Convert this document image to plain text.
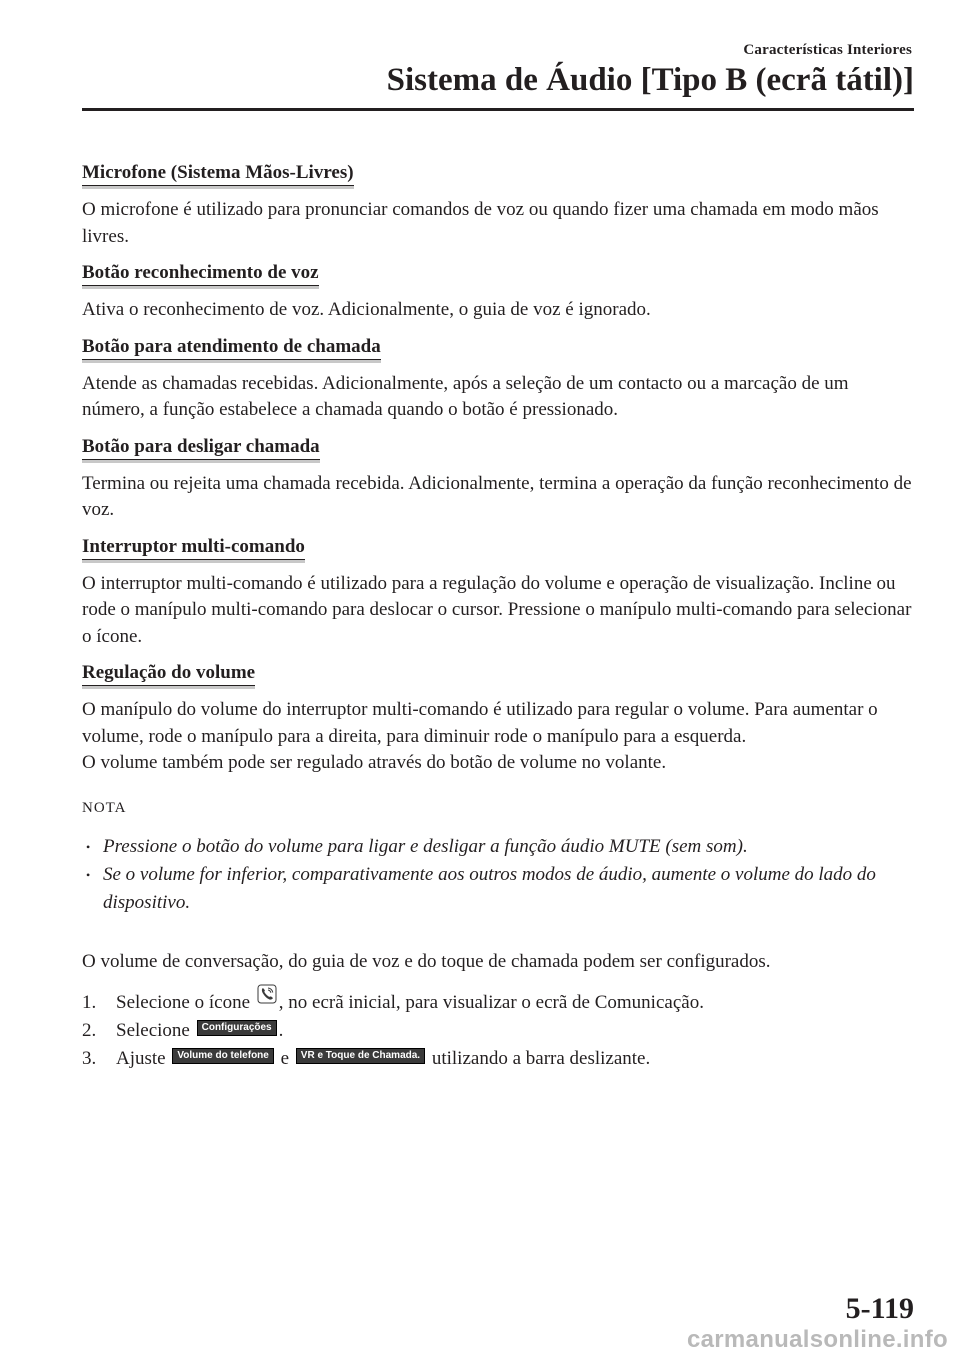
Características Interiores
Sistema de Áudio [Tipo B (ecrã tátil)]
Microfone (Sistema Mãos-Livres)

O microfone é utilizado para pronunciar comandos de voz ou quando fizer uma chamada em modo mãos livres.

Botão reconhecimento de voz

Ativa o reconhecimento de voz. Adicionalmente, o guia de voz é ignorado.

Botão para atendimento de chamada

Atende as chamadas recebidas. Adicionalmente, após a seleção de um contacto ou a marcação de um número, a função estabelece a chamada quando o botão é pressionado.

Botão para desligar chamada

Termina ou rejeita uma chamada recebida. Adicionalmente, termina a operação da função reconhecimento de voz.

Interruptor multi-comando

O interruptor multi-comando é utilizado para a regulação do volume e operação de visualização. Incline ou rode o manípulo multi-comando para deslocar o cursor. Pressione o manípulo multi-comando para selecionar o ícone.

Regulação do volume

O manípulo do volume do interruptor multi-comando é utilizado para regular o volume. Para aumentar o volume, rode o manípulo para a direita, para diminuir rode o manípulo para a esquerda.

O volume também pode ser regulado através do botão de volume no volante.

NOTA
• Pressione o botão do volume para ligar e desligar a função áudio MUTE (sem som).
• Se o volume for inferior, comparativamente aos outros modos de áudio, aumente o volume do lado do dispositivo.

O volume de conversação, do guia de voz e do toque de chamada podem ser configurados.

1. Selecione o ícone , no ecrã inicial, para visualizar o ecrã de Comunicação.
2. Selecione Configurações .
3. Ajuste Volume do telefone e VR e Toque de Chamada. utilizando a barra deslizante.
5-119
carmanualsonline.info
